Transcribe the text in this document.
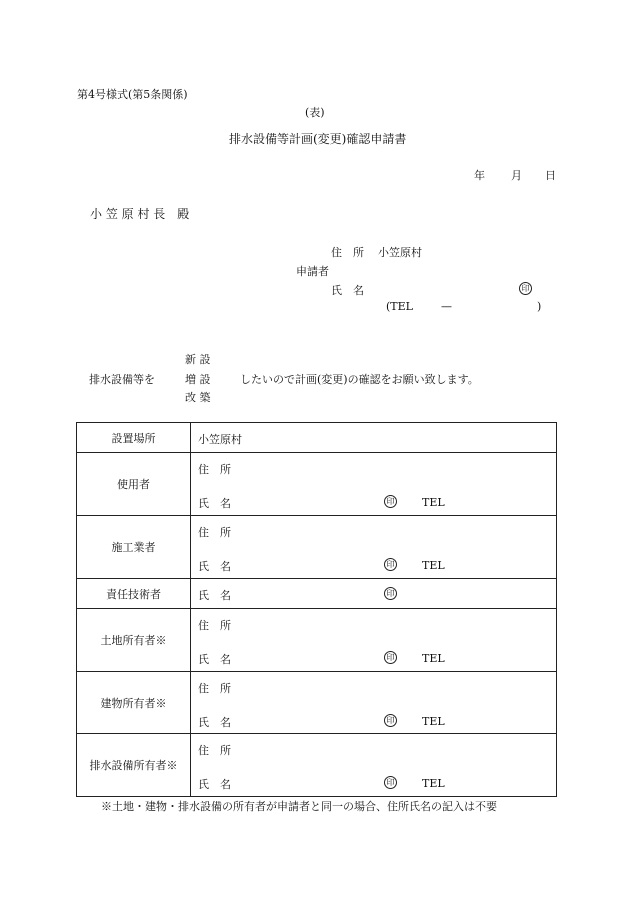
第4号様式(第5条関係)
(表)
排水設備等計画(変更)確認申請書
年 月 日
小 笠 原 村 長　殿
住　所 小笠原村
申請者
氏　名	印
(TEL	—	)
新 設
排水設備等を	増 設	したいので計画(変更)の確認をお願い致します。
改 築
設置場所	小笠原村

使用者	住　所
氏　名 印 TEL

施工業者	住　所
氏　名 印 TEL

責任技術者	氏　名 印

土地所有者※	住　所
氏　名 印 TEL

建物所有者※	住　所
氏　名 印 TEL

排水設備所有者※	住　所
氏　名 印 TEL
※土地・建物・排水設備の所有者が申請者と同一の場合、住所氏名の記入は不要
